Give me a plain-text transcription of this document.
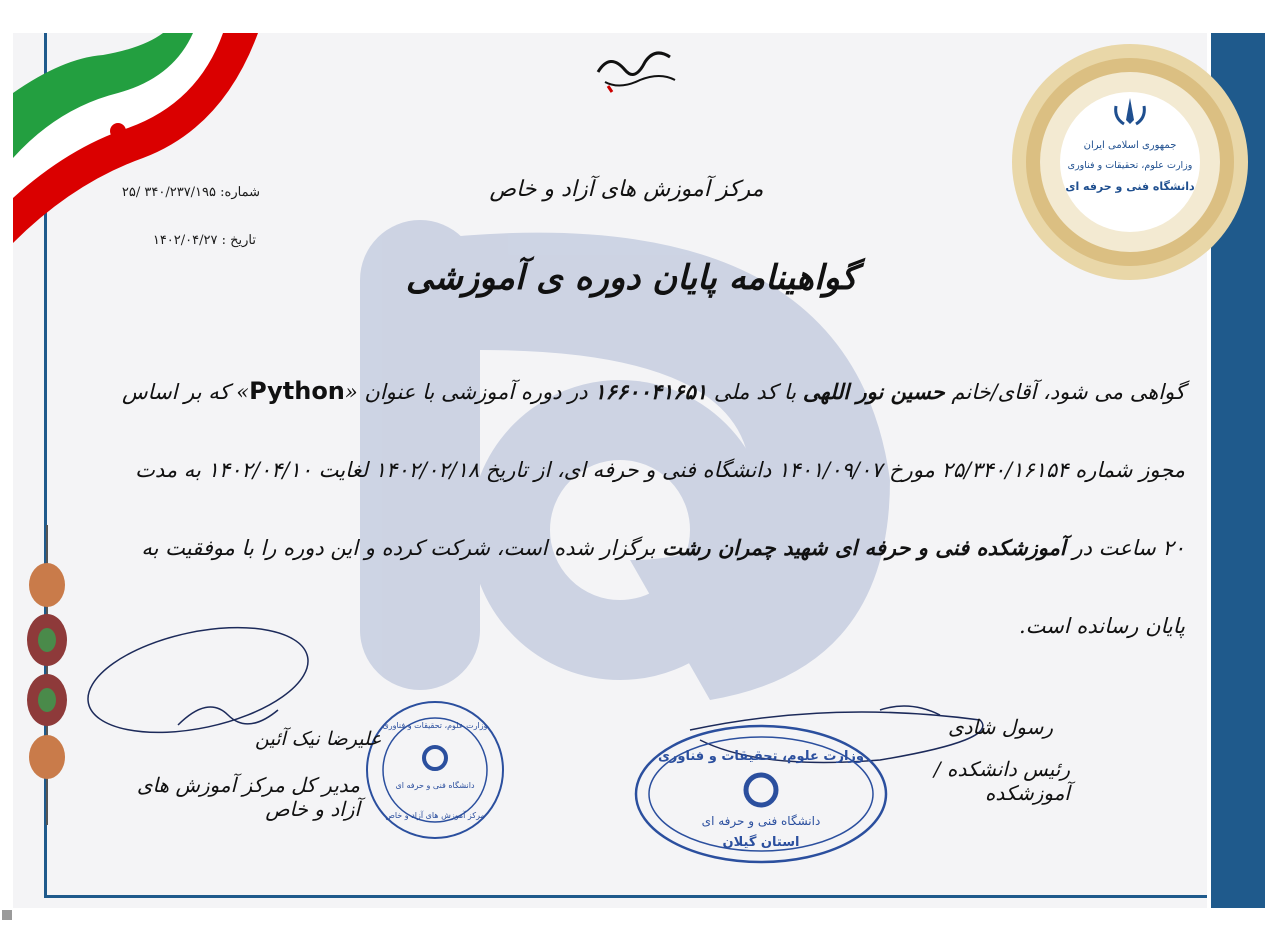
جمهوری اسلامی ایران
وزارت علوم، تحقیقات و فناوری
دانشگاه فنی و حرفه ای
شماره: ۳۴۰/۲۳۷/۱۹۵ /۲۵
تاریخ : ۱۴۰۲/۰۴/۲۷
مرکز آموزش های آزاد و خاص
گواهینامه پایان دوره ی آموزشی
گواهی می شود، آقای/خانم حسین نور اللهی با کد ملی ۱۶۶۰۰۴۱۶۵۱ در دوره آموزشی با عنوان «Python» که بر اساس مجوز شماره ۲۵/۳۴۰/۱۶۱۵۴ مورخ ۱۴۰۱/۰۹/۰۷ دانشگاه فنی و حرفه ای، از تاریخ ۱۴۰۲/۰۲/۱۸ لغایت ۱۴۰۲/۰۴/۱۰ به مدت ۲۰ ساعت در آموزشکده فنی و حرفه ای شهید چمران رشت برگزار شده است، شرکت کرده و این دوره را با موفقیت به پایان رسانده است.
وزارت علوم، تحقیقات و فناوری
دانشگاه فنی و حرفه ای
مرکز آموزش های آزاد و خاص
وزارت علوم، تحقیقات و فناوری
دانشگاه فنی و حرفه ای
استان گیلان
علیرضا نیک آئین
مدیر کل مرکز آموزش های آزاد و خاص
رسول شادی
رئیس دانشکده / آموزشکده
